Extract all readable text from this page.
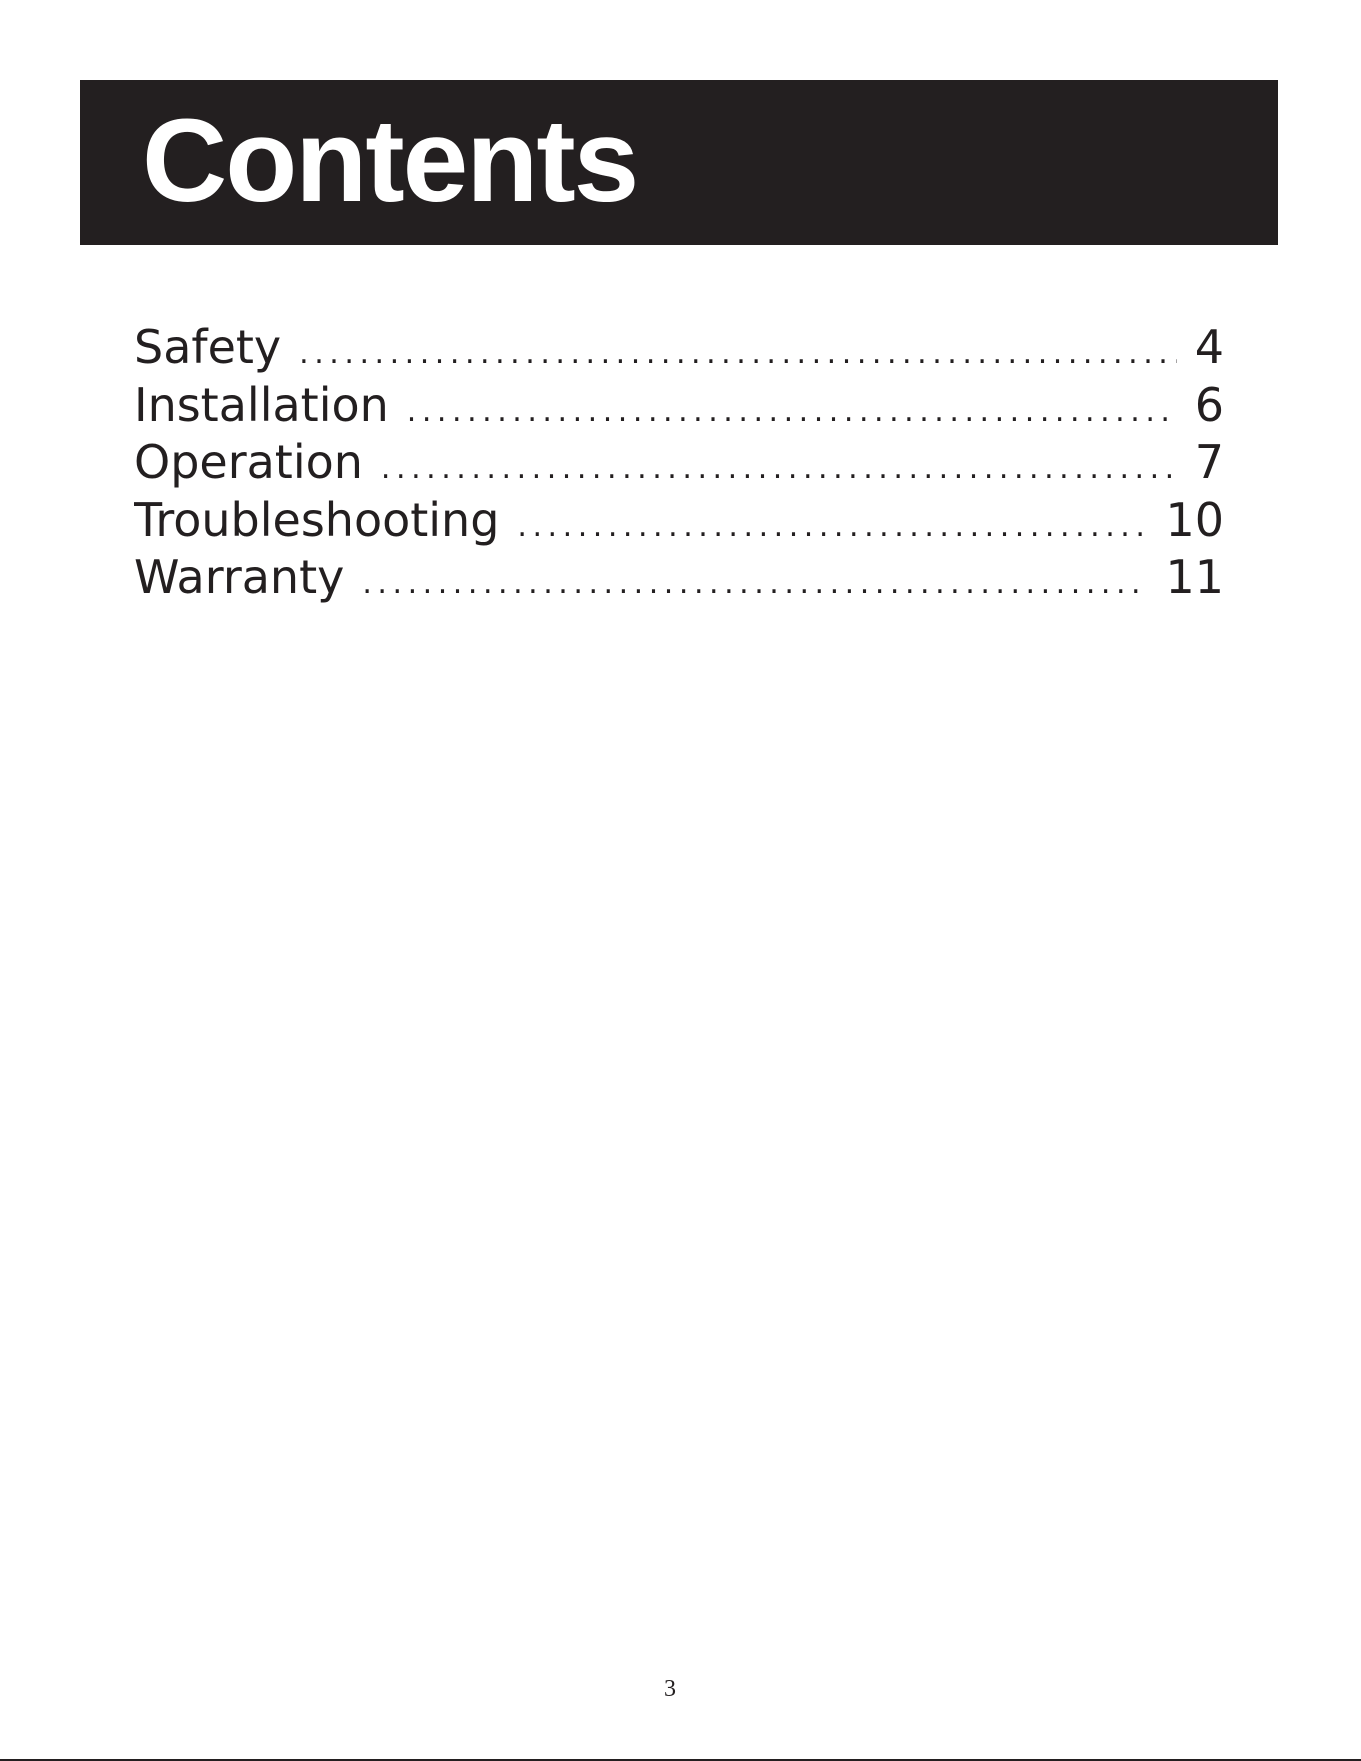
Contents
Safety . . .	4
Installation . . .	6
Operation . . .	7
Troubleshooting . . .	10
Warranty . . .	11
3
